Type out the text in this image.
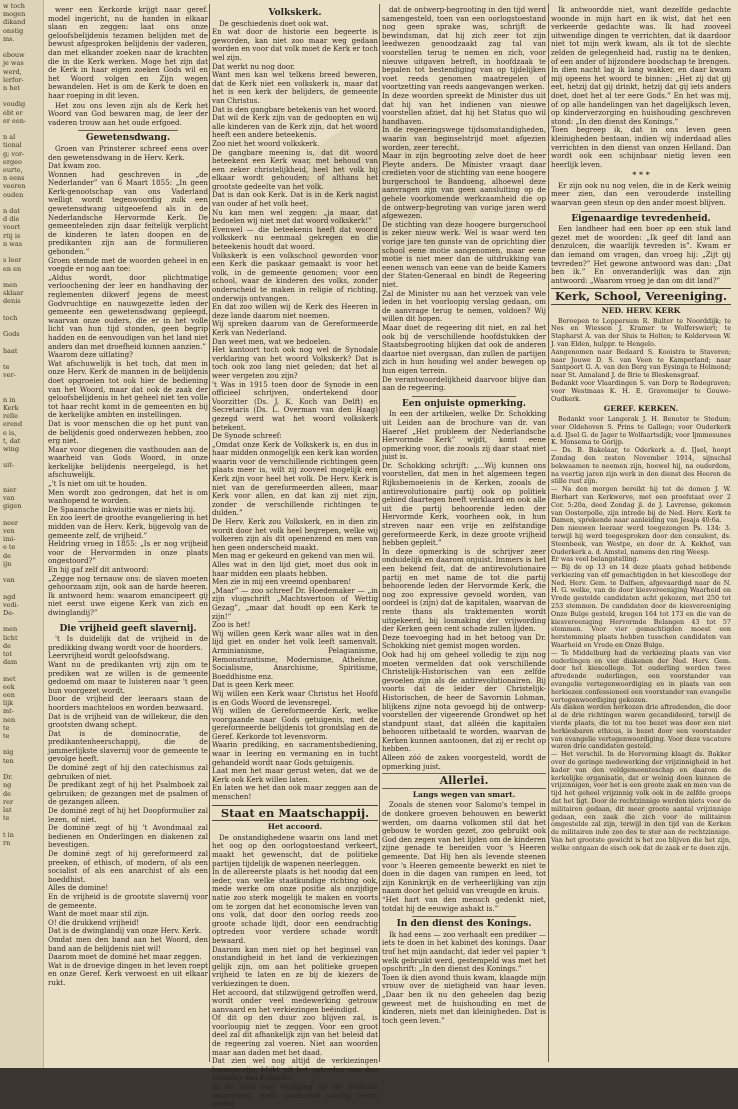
w toch
mogen
dikand
onstig
ms.

ebouw
je was
werd,
lerfor-
n het

voudig
ebt er
er een-

n al
tional
g; vor-
ergeo
eurte,
n eens
veeren
ouden

n dat
d die
voort
rtij is
n was

s leer
en en

men
sklaar
denis

toch

Gods

haat

te
ver-

n in
Kerk
relle
erend
e is,
t, dat
wing

uit-

nier
van
gigen

neer
ven
imi-
e te
de
ijn

van

ngd
vedi-
De-

men
licht
de
tot
dam

met
eek
een
lijk
mt-
nen
te
te

nig
ten

Dr.
ng
de
rer
lat
te

t in
rn

weer een Kerkorde krijgt naar geref. model ingericht, nu de handen in elkaar slaan en zeggen: laat ons onze geloofsbelijdenis tezamen belijden met de bewust afgesproken belijdenis der vaderen, dan met elkander zoeken naar de krachten die in die Kerk werken. Moge het zijn dat de Kerk in haar eigen zoeken Gods wil en het Woord volgen en Zijn wegen bewandelen. Het is om de Kerk te doen en haar roeping in dit leven.

Het zou ons leven zijn als de Kerk het Woord van God bewaren mag, de leer der vaderen trouw aan het oude erfgoed.

Gewetensdwang.

Groen van Prinsterer schreef eens over den gewetensdwang in de Herv. Kerk.
Dat kwam zoo.
Wonnen had geschreven in „de Nederlander” van 6 Maart 1855: „In geen Kerk-genootschap van ons Vaderland welligt wordt tegenwoordig zulk een gewetensdwang uitgeoefend als in de Nederlandsche Hervormde Kerk. De gemeenteleden zijn daar feitelijk verplicht de kinderen te laten doopen en de predikanten zijn aan de formulieren gebonden.”
Groen stemde met de woorden geheel in en voegde er nog aan toe:
„Aldus wordt, door plichtmatige verloochening der leer en handhaving der reglementen dikwerf jegens de meest Godvruchtige en nauwgezette leden der gemeente een gewetensdwang gepleegd, waarvan onze ouders, die er in het volle licht van hun tijd stonden, geen begrip hadden en de eenvoudigen van het land niet anders dan met droefheid kunnen aanzien.”
Waarom deze uitlating?
Wat afschuwelijk is het toch, dat men in onze Herv. Kerk de mannen in de belijdenis doet opgroeien tot ook hier de bediening van het Woord, maar dat ook de zaak der geloofsbelijdenis in het geheel niet ten volle tot haar recht komt in de gemeenten en bij de kerkelijke ambten en instellingen.
Dat is voor menschen die op het punt van de belijdenis goed onderwezen hebben, zoo erg niet.
Maar voor diegenen die vasthouden aan de waarheid van Gods Woord, in onze kerkelijke belijdenis neergelegd, is het afschuwelijk.
„'t Is niet om uit te houden.
Men wordt zoo gedrongen, dat het is om wanhopend te worden.
De Spaansche inkwisitie was er niets bij.
En zoo leert de groothe evangeliering in het midden van de Herv. Kerk, bijgevolg van de gemeente zelf, de vrijheid.”
Heldring vroeg in 1855: „Is er nog vrijheid voor de Hervormden in onze plaats ongestoord?”
En hij gaf zelf dit antwoord:
„Zegge nog ternauw ons: de slaven moeten gehoorzaam zijn, ook aan de harde heeren. Ik antwoord hem: waarom emancipeert gij niet eerst uwe eigene Kerk van zich en dwinglandij?”

Die vrijheid geeft slavernij.

't Is duidelijk dat de vrijheid in de predikking dwang wordt voor de hoorders.
Leervrijheid wordt geloofsdwang.
Want nu de predikanten vrij zijn om te prediken wat ze willen is de gemeente gedoemd om maar te luisteren naar 't geen hun voorgezet wordt.
Door de vrijheid der leeraars staan de hoorders machteloos en worden bezwaard.
Dat is de vrijheid van de willekeur, die den grootsten dwang schept.
Dat is de dominocratie, de predikantenheerschappij, die de jammerlijkste slavernij voor de gemeente te gevolge heeft.
De dominé zegt of hij den catechismus zal gebruiken of niet.
De predikant zegt of hij het Psalmboek zal gebruiken; de gezangen met de psalmen of de gezangen alleen.
De dominé zegt of hij het Doopformulier zal lezen, of niet.
De dominé zegt of hij 't Avondmaal zal bedienen en Onderlingen en diakenen zal bevestigen.
De dominé zegt of hij gereformeerd zal preeken, of ethisch, of modern, of als een socialist of als een anarchist of als een boeddhist.
Alles de domine!
En de vrijheid is de grootste slavernij voor de gemeente.
Want de moet maar stil zijn.
O! die drukkend vrijheid!
Dat is de dwinglandij van onze Herv. Kerk.
Omdat men den band aan het Woord, den band aan de belijdenis niet wil!
Daarom moet de dominé het maar zeggen.
Wat is de droevige dingen in het leven roept en onze Geref. Kerk verwoest en uit elkaar rukt.

Volkskerk.

De geschiedenis doet ook wat.
En wat door de historie een begeerte is geworden, kan niet zoo maar weg gedaan worden en voor dat volk moet de Kerk er toch wel zijn.
Dat werkt nu nog door.
Want men kan wel telkens breed beweren, dat de Kerk niet een volkskerk is, maar dat het is een kerk der belijders, de gemeente van Christus.
Dat is den gangbare betekenis van het woord.
Dat wil de Kerk zijn van de gedoopten en wij alle kinderen van de Kerk zijn, dat het woord heeft een andere beteekenis.
Zoo niet het woord volkskerk.
De gangbare meening is, dat dit woord beteekent een Kerk waar, met behoud van een zeker christelijkheid, heel het volk bij elkaar wordt gehouden; of althans het grootste gedeelte van het volk.
Dat is dan ook Kerk. Dat is in de Kerk nagist van ouder af het volk heet.
Nu kan men wel zeggen: „ja maar, dat bedoelen wij niet met dat woord volkskerk!”
Evenwel — die beteekenis heeft dat woord volkskerk nu eenmaal gekregen en die beteekenis houdt dat woord.
Volkskerk is een volkschool geworden voor een Kerk die paskaar gemaakt is voor het volk, in de gemeente genomen; voor een school, waar de kinderen des volks, zonder onderscheid te maken in religie of richting, onderwijs ontvangen.
En dat zoo willen wij de Kerk des Heeren in deze lande daarom niet noemen.
Wij spreken daarom van de Gereformeerde Kerk van Nederland.
Dan weet men, wat we bedoelen.
Het kantoort toch ook nog wel de Synodale verklaring van het woord Volkskerk? Dat is toch ook zoo lang niet geleden; dat het al weer vergeten zou zijn?
't Was in 1915 toen door de Synode in een officieel schrijven, ondertekend door Voorzitter (Ds. J. K. Koch van Delft) en Secretaris (Ds. L. Overman van den Haag) gezegd werd wat het woord volkskerk betekent.
De Synode schreef:
„Omdat onze Kerk de Volkskerk is, en dus in haar midden onmogelijk een kerk kan worden waarin voor de verschillende richtingen geen plaats meer is, wilt zij zooveel mogelijk een Kerk zijn voor heel het volk. De Herv. Kerk is niet van de gereformeerden alleen, maar Kerk voor allen, en dat kan zij niet zijn, zonder de verschillende richtingen te dulden.”
De Herv. Kerk zou Volkskerk, en in dien zin wordt door het volk heel begrepen, welke wij volkeren zijn als dit openenzend en men van hen geen onderscheid maakt.
Men mag er gekeurd en gekend van men wil.
Alles wat in den lijd giet, moet dus ook in haar midden een plaats hebben.
Men zie in mij een vreemd openbaren!
„Maar” — zoo schreef Dr. Hoedemaker — „in zijn vlugschrift „Machtsvertoon of Wettig Gezag”, „maar dat houdt op een Kerk te zijn!”
Zoo is het!
Wij willen geen Kerk waar alles wat in den lijd giet en onder het volk leeft samenvalt. Arminianisme, Pelagianisme, Remonstrantisme, Modernisme, Atheïsme, Socialisme, Anarchisme, Spiritisme, Boeddhisme enz.
Dat is geen Kerk meer.
Wij willen een Kerk waar Christus het Hoofd is en Gods Woord de levensregel.
Wij willen de Gereformeerde Kerk, welke voorgaande naar Gods getuigenis, met de gereformeerde belijdenis tot grondslag en de Geref. Kerkorde tot levensvorm.
Waarin prediking, en sacramentsbediening, waar in leering en vermaning en in tucht gehandeld wordt naar Gods getuigenis.
Laat men het maar gerust weten, dat we de Kerk ook Kerk willen laten.
En laten we het dan ook maar zeggen aan de menschen!

Staat en Maatschappij.
Het accoord.

De onstandighedene waarin ons land met het oog op den oorlogstoestand verkeert, maakt het gewenscht, dat de politieke partijen tijdelijk de wapenen neerleggen.
In de allereerste plaats is het noodig dat een ieder, van welke staatkundige richting ook, mede werke om onze positie als onzijdige natie zoo sterk mogelijk te maken en voorts om te zorgen dat het economische leven van ons volk, dat door den oorlog reeds zoo groote schade lijdt, door een eendrachtig optreden voor verdere schade wordt bewaard.
Daarom kan men niet op het beginsel van onstandigheid in het land de verkiezingen gelijk zijn, om aan het politieke groepen vrijheid te laten en ze bij de kiezers de verkiezingen te doen.
Het accoord, dat stilzwijgend getroffen werd, wordt onder veel medewerking getrouw aanvaard en het verkiezingen beëindigd.
Of dit op den duur zoo blijven zal, is voorloopig niet te zeggen. Voor een groot deel zal dit afhankelijk zijn van het beleid dat de regeering zal voeren. Niet aan woorden maar aan daden met het daad.
Dat zien wel nog altijd de verkiezingen kunnen zijn, blijkt uit het optreden van den Minister van Koloniën.
In de nota van wijziging op de Indische begrooting, welk staatsstuk noodig werd, omdat

dat de ontwerp-begrooting in den tijd werd samengesteld, toen van een oorlogstoestand nog geen sprake was, schrijft de bewindsman, dat hij zich zeer tot zijn leedwezen genoodzaakt zag tal van voorstellen terug te nemen en zich, voor nieuwe uitgaven betreft, in hoofdzaak te bepalen tot bestendiging van op tijdelijken voet reeds genomen maatregelen of voortzetting van reeds aangevangen werken.
In deze woorden spreekt de Minister dus uit dat hij van het indienen van nieuwe voorstellen afziet, dat hij het Status quo wil handhaven.
In de regeeringswege tijdsomstandigheden, waarin van beginselstrijd moet afgezien worden, zeer terecht.
Maar in zijn begrooting zelve doet de heer Pleyte anders. De Minister vraagt daar credieten voor de stichting van eene hoogere burgerschool te Bandoeng, alhoewel deze aanvragen zijn van geen aansluiting op de gehele voorkomende werkzaamheid die op de ontwerp-begroting van vorige jaren werd afgewezen.
De stichting van deze hoogere burgerschool is zeker nieuw werk. Wel is waar werd ten vorige jare ten gunste van de oprichting dier school eene motie aangenomen, maar eene motie is niet meer dan de uitdrukking van eenen wensch van eene van de beide Kamers der Staten-Generaal en bindt de Regeering niet.
Zal de Minister nu aan het verzoek van vele leden in het voorloopig verslag gedaan, om de aanvrage terug te nemen, voldoen? Wij willen dit hopen.
Maar doet de regeering dit niet, en zal het ook bij de verschillende hoofdstukken der Staatsbegrooting blijken dat ook de anderen daartoe niet overgaan, dan zullen de partijen zich in hun houding wel ander bewegen op hun eigen terrein.
De verantwoordelijkheid daarvoor blijve dan aan de regeering.

Een onjuiste opmerking.

In een der artikelen, welke Dr. Schokking uit Leiden aan de brochure van dr. van Haeref „Het probleem der Nederlandsche Hervormde Kerk” wijdt, komt eene opmerking voor, die zooals zij daar staat niet juist is.
Dr. Schokking schrijft: „...Wij kunnen ons voorstellen, dat men in het algemeen tegen Rijksbemoeienis in de Kerken, zooals de antirevolutionaire partij ook op politiek gebied daartegen heeft verklaard en ook alle uit die partij behoorende leden der Hervormde Kerk, voorheen ook, in hun streven naar een vrije en zelfstandige gereformeerde Kerk, in deze groote vrijheid hebben gepleit.”
In deze opmerking is de schrijver zeer onduidelijk en daarom onjuist. Immers is het een bekend feit, dat de antirevolutionaire partij en met name de tot die partij behoorende leden der Hervormde Kerk, die nog zoo expressive gevoeld worden, van oordeel is (zijn) dat de kapitalen, waarvan de rente thans als traktementen wordt uitgekeerd, bij losmaking der vrijwording der Kerken geen cent schade zullen lijden.
Deze toevoeging had in het betoog van Dr. Schokking niet gemist mogen worden.
Ook had hij om geheel volledig te zijn nog moeten vermelden dat ook verschillende Christelijk-Historischen van een zelfde gevoelen zijn als de antirevolutionairen. Bij voorts dat de leider der Christelijk-Historischen, de heer de Savornin Lohman, blijkens zijne nota gevoegd bij de ontwerp-voorstellen der vigeerende Grondwet op het standpunt staat, dat alléén die kapitalen behooren uitbetaald te worden, waarvan de Kerken kunnen aantoonen, dat zij er recht op hebben.
Alleen zóó de zaken voorgesteld, wordt de opmerking juist.

Allerlei.
Langs wegen van smart.

Zooals de stenen voor Salomo's tempel in de donkere groeven behouwen en bewerkt werden, om daarna volkomen stil dat het gebouw te worden gezet, zoo gebruikt ook God den zegen van het lijden om de kinderen zijne genade te bereiden voor 's Heeren gemeente. Dat Hij hen als levende steenen voor 's Heeren gemeente bewerkt en niet te doen in die dagen van rampen en leed, tot zijn Koninkrijk en de verheerlijking van zijn naam door het geluid van vreugde en kruis.
“Het hart van den mensch gedenkt niet, totdat hij de eeuwige ashakt is.”

In den dienst des Konings.

Ik had eens — zoo verhaalt een prediker — iets te doen in het kabinet des konings. Daar trof het mijn aandacht, dat ieder vel papier 't welk gebruikt werd, gestempeld was met het opschrift: „In den dienst des Konings.”
Toen ik dien avond thuis kwam, klaagde mijn vrouw over de nietigheid van haar leven. „Daar ben ik nu den geheelen dag bezig geweest met de huishouding en met de kinderen, niets met dan kleinigheden. Dat is toch geen leven.”

Ik antwoordde niet, want dezelfde gedachte woonde in mijn hart en ik wist, dat het een verkeerde gedachte was. Ik had zooveel uitwendige dingen te verrichten, dat ik daardoor niet tot mijn werk kwam, als ik tot de slechte zelden de gelegenheid had, rustig na te denken, of een ander of bijzondere boodschap te brengen.
In dien nacht lag ik lang wakker, en daar kwam mij opeens het woord te binnen: „Het zij dat gij eet, hetzij dat gij drinkt, hetzij dat gij iets anders doet, doet het al ter eere Gods.” En het was mij, of op alle handelingen van het dagelijksch leven, op kinderverzorging en huishouding geschreven stond: „In den dienst des Konings.”
Toen begreep ik, dat in ons leven geen kleinigheden bestaan, indien wij inderdaad alles verrichten in den dienst van onzen Helland. Dan wordt ook een schijnbaar nietig leven een heerlijk leven.

* * *

Er zijn ook nu nog velen, die in de Kerk weinig meer zien, dan een verouderde instelling waarvan geen steun op den ander moest blijven.

Eigenaardige tevredenheid.

Een landheer had een boer op een stuk land gezet met de woorden: „Ik geef dit land aan denzulcen, die waarlijk tevreden is”. Kwam er dan iemand om vragen, dan vroeg hij: „Zijt gij tevreden?” Het gewone antwoord was dan: „Dat ben ik.” En onveranderlijk was dan zijn antwoord: „Waarom vroeg je dan om dit land?”

Kerk, School, Vereeniging.
NED. HERV. KERK

Beroepen te Loppersum R. Bulter te Noorddijk; te Nes en Wiesson J. Kramer te Wolferswiert; te Stapharst A. van der Sluis te Holten; te Kolderveen W. J. van Elden, hulppr. te Hengelo.
Aangenomen naar Bedaard S. Kooistra te Staveren; naar Jouwe D. S. van Veen te Kamperland; naar Santpoort G. A. van den Berg van Eysinga te Helmond; naar St. Annaland J. de Brie te Bleskensgraaf.
Bedankt voor Vlaardingen S. van Dorp te Rodegraven; voor Westmaas K. H. E. Gravemeijer te Gouwe-Oudkerk.

GEREF. KERKEN.

Bedankt voor Langerak J. H. Benuter te Stedum; voor Oldehoven S. Prins te Gallogo; voor Ouderkerk a.d. IJsel G. de Jager te Wolfaartsdijk; voor Ijmmesunes K. Monsema te Gorijp.
— Ds. B. Bakelaar, te Oderkerk a. d. IJsel, hoopt Zondag den zesten November 1914, sijnschal bekwaamen te neemen zijn, hoewel hij, na ouderdom, na veertig jaren zijn werk in den dienst des Heeren de stille rust zijn.
— Na den morgen bereikt hij tot de domen J. W. Bierhart van Kerkwerve, met een proefstaat over 2 Cor. 5:20a, deed Zondag jl. de J. Lavrense, gekomen van Oosterpolle, zijn intrede bij de Ned. Herv. Kerk te Damen, sprekende naar aanleiding van Jesaja 40:6a.
Den nieuwen leeraar werd toegezongen Ps. 134: 3. terwijl hij werd toegesproken door den consulent, ds. Steenbeek, van Westpe, en door dr. A. Kekhof, van Ouderkerk a. d. Amstel, namens den ring Weesp.
Er was veel belangstelling.
— Bij de op 13 en 14 deze plaats gehad hebbende verkiezing van elf gemachtigden in het kiescollege der Ned. Herv. Gem. te Dalfsen, afgevaardigd naar de N. H. G. welke, van de door kiesvereeniging Waarheid en Vrede gestelde candidaten acht gekozen, met 250 tot 253 stemmen. De candidaten door de kiesvereeniging Onze Bulge gesteld, kregen 164 tot 173 en die van de kiesvereeniging Hervormde Belangen 43 tot 57 stemmen. Voor vier gemachtigden moest een herstemming plaats hebben tusschen candidaten van Waarheid en Vrede en Onze Bulge.
— Te Middelburg had de verkiezing plaats van vier ouderlingen en vier diakenen der Ned. Herv. Gem. door het kiescollege. Tot ouderling werden twee aftredende ouderlingen, een voorstander van evangelie vertegenwoordiging en in plaats van een herkiezen confessioneel een voorstander van evangelie vertegenwoordiging gekozen.
Als diaken werden herkozen drie aftredenden, die door al de drie richtingen waren gecandideerd, terwijl de vierde plaats, die tot nu toe bezet was door een niet herkiesbaren ethicus, is bezet door een voorstander van evangelie vertegenwoordiging. Voor deze vacature waren drie candidaten gesteld.
— Het verschil. In de Hervorming klaagt ds. Bakker over de geringe medewerking der vrijzinnigheid in het kader van den veldgemeenteschap en daarom de kerkelijke organisatie, dat er weinig doen kunnen de vrijzinnigen, voor het is een groote zaak en men van de tijd het geheel vrijzinnig volk ook in de zelfde groeps dat het ligt. Door de rechtzinnige werden niets voor de militairen gedaan, dit meer groote aantal vrijzinnige gedaan, een zaak die zich voor de militairen omgestelde zal zijn, terwijl in den tijd van de Kerken de militairen inde zoo des te ster aan de rechtzinnige. Van het grootste gewicht is het zoo blijven die het zijn, welke ontgaan de eisch ook dat de zaak er te doen zijn.
